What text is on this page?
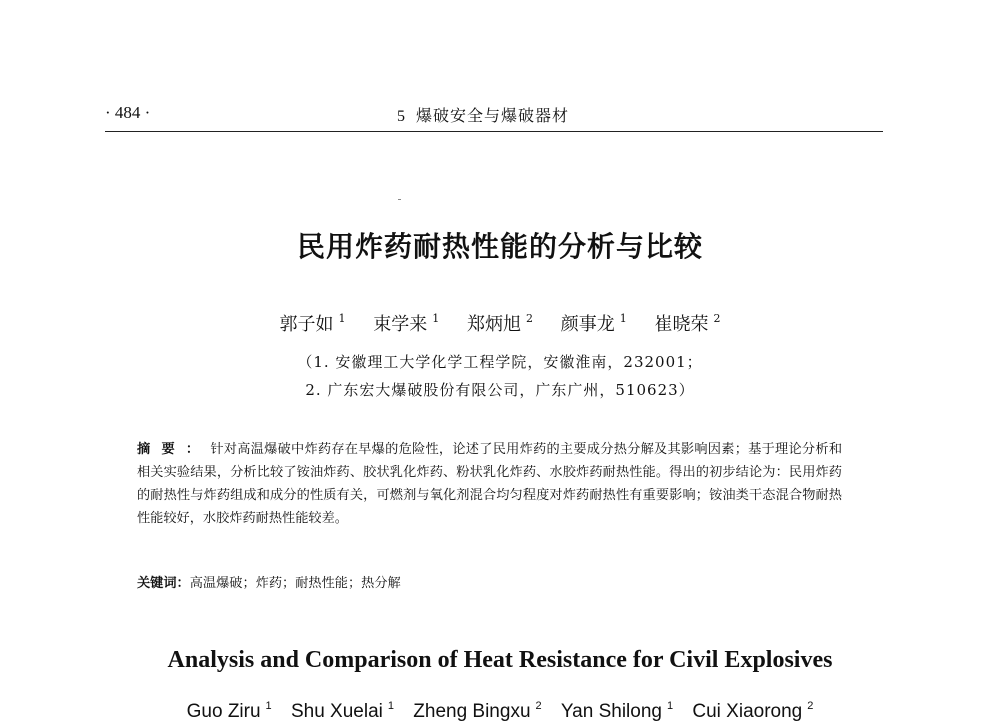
· 484 ·	5 爆破安全与爆破器材
民用炸药耐热性能的分析与比较
郭子如 $^1$ 束学来 $^1$ 郑炳旭 $^2$ 颜事龙 $^1$ 崔晓荣 $^2$
（1. 安徽理工大学化学工程学院，安徽淮南，232001；
2. 广东宏大爆破股份有限公司，广东广州，510623）
摘要：针对高温爆破中炸药存在早爆的危险性，论述了民用炸药的主要成分热分解及其影响因素；基于理论分析和相关实验结果，分析比较了铵油炸药、胶状乳化炸药、粉状乳化炸药、水胶炸药耐热性能。得出的初步结论为：民用炸药的耐热性与炸药组成和成分的性质有关，可燃剂与氧化剂混合均匀程度对炸药耐热性有重要影响；铵油类干态混合物耐热性能较好，水胶炸药耐热性能较差。
关键词：高温爆破；炸药；耐热性能；热分解
Analysis and Comparison of Heat Resistance for Civil Explosives
Guo Ziru $^1$ Shu Xuelai $^1$ Zheng Bingxu $^2$ Yan Shilong $^1$ Cui Xiaorong $^2$
